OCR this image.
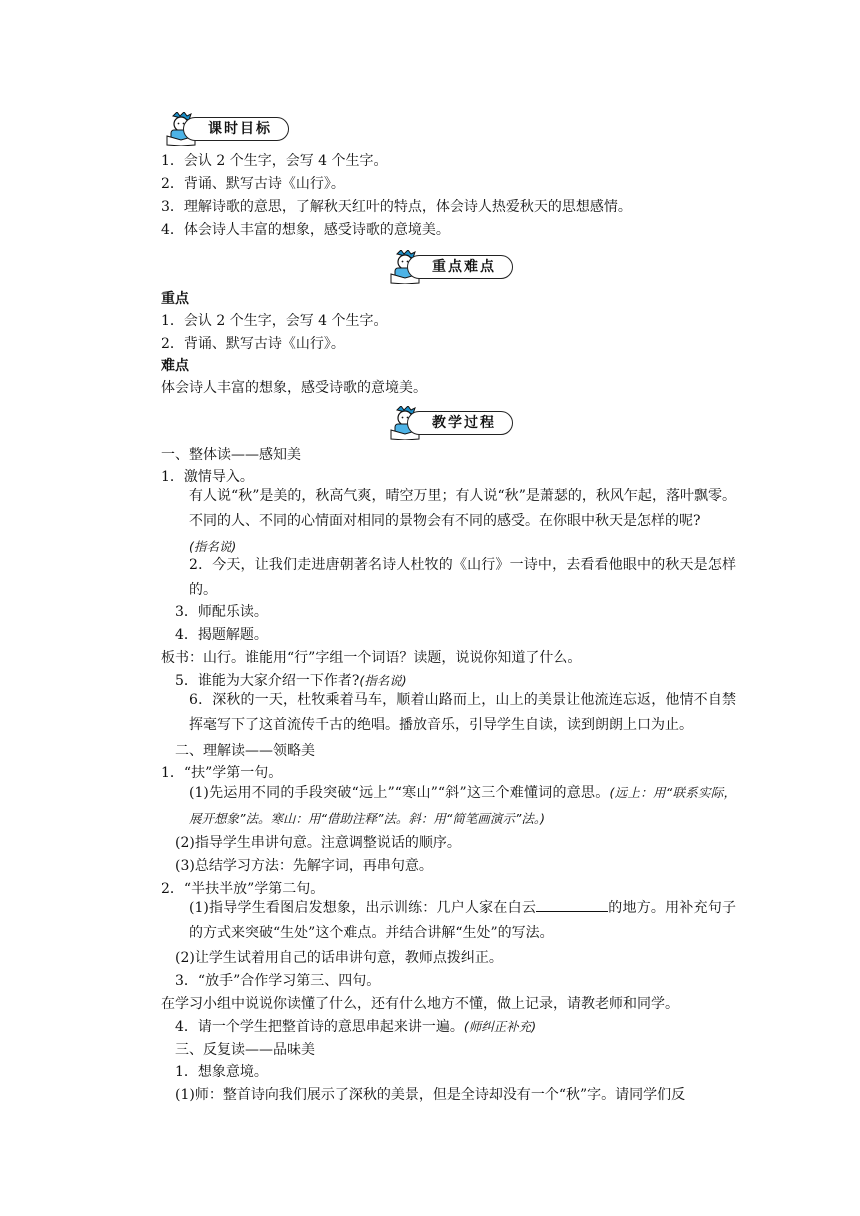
课时目标
1．会认 2 个生字，会写 4 个生字。
2．背诵、默写古诗《山行》。
3．理解诗歌的意思，了解秋天红叶的特点，体会诗人热爱秋天的思想感情。
4．体会诗人丰富的想象，感受诗歌的意境美。
重点难点
重点
1．会认 2 个生字，会写 4 个生字。
2．背诵、默写古诗《山行》。
难点
体会诗人丰富的想象，感受诗歌的意境美。
教学过程
一、整体读——感知美
1．激情导入。
有人说“秋”是美的，秋高气爽，晴空万里；有人说“秋”是萧瑟的，秋风乍起，落叶飘零。不同的人、不同的心情面对相同的景物会有不同的感受。在你眼中秋天是怎样的呢?
(指名说)
2．今天，让我们走进唐朝著名诗人杜牧的《山行》一诗中，去看看他眼中的秋天是怎样的。
3．师配乐读。
4．揭题解题。
板书：山行。谁能用“行”字组一个词语？读题，说说你知道了什么。
5．谁能为大家介绍一下作者?(指名说)
6．深秋的一天，杜牧乘着马车，顺着山路而上，山上的美景让他流连忘返，他情不自禁挥毫写下了这首流传千古的绝唱。播放音乐，引导学生自读，读到朗朗上口为止。
二、理解读——领略美
1．“扶”学第一句。
(1)先运用不同的手段突破“远上”“寒山”“斜”这三个难懂词的意思。(远上：用“联系实际，展开想象”法。寒山：用“借助注释”法。斜：用“简笔画演示”法。)
(2)指导学生串讲句意。注意调整说话的顺序。
(3)总结学习方法：先解字词，再串句意。
2．“半扶半放”学第二句。
(1)指导学生看图启发想象，出示训练：几户人家在白云	的地方。用补充句子的方式来突破“生处”这个难点。并结合讲解“生处”的写法。
(2)让学生试着用自己的话串讲句意，教师点拨纠正。
3．“放手”合作学习第三、四句。
在学习小组中说说你读懂了什么，还有什么地方不懂，做上记录，请教老师和同学。
4．请一个学生把整首诗的意思串起来讲一遍。(师纠正补充)
三、反复读——品味美
1．想象意境。
(1)师：整首诗向我们展示了深秋的美景，但是全诗却没有一个“秋”字。请同学们反
